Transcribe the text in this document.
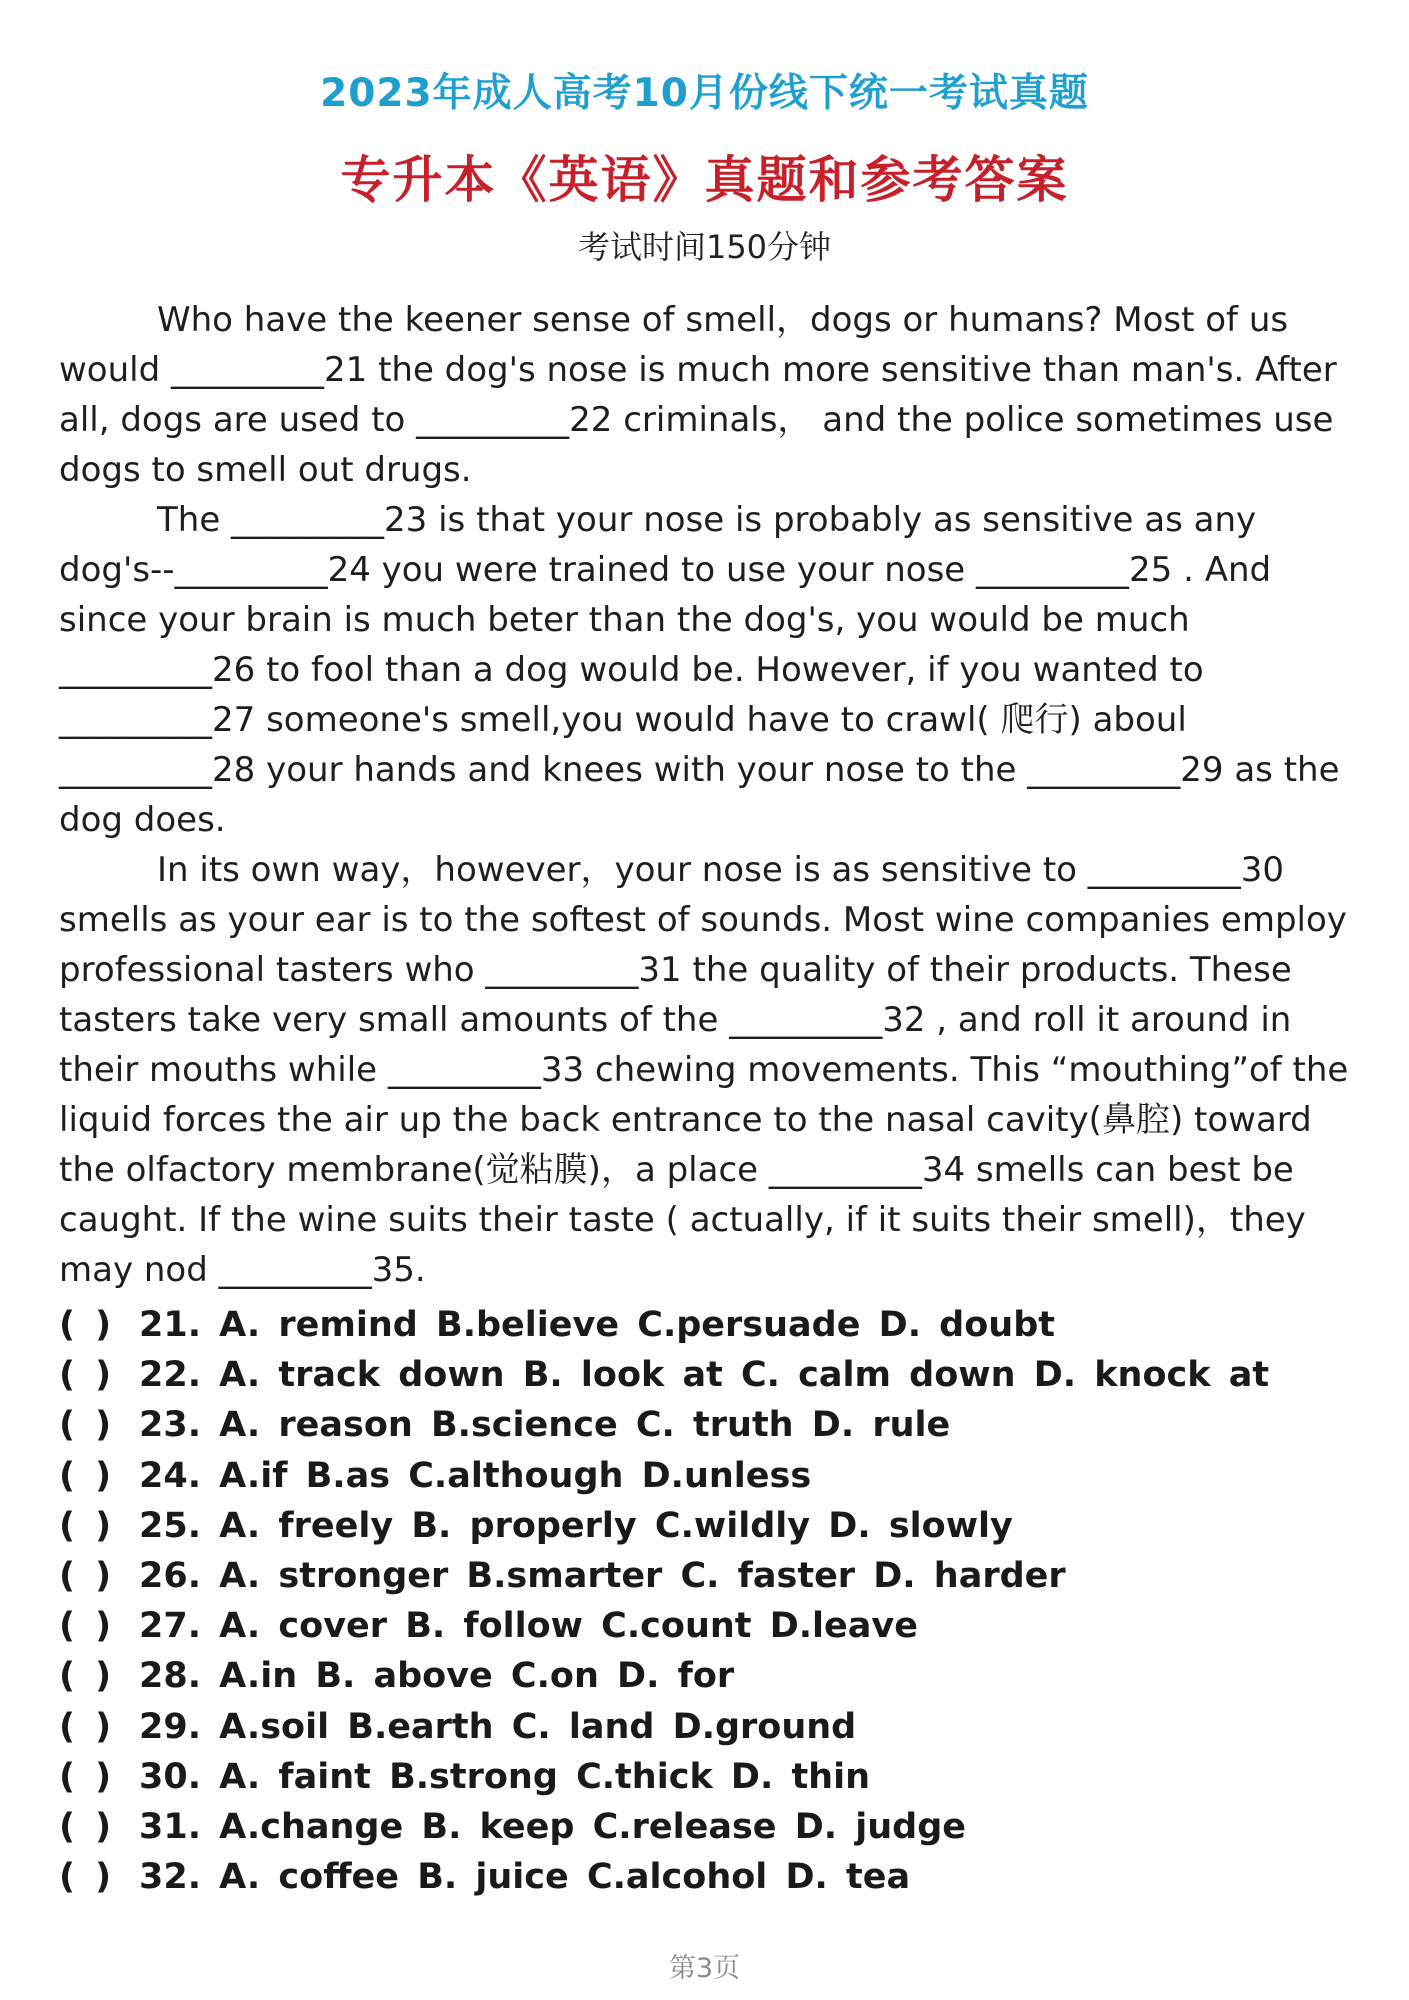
2023年成人高考10月份线下统一考试真题
专升本《英语》真题和参考答案
考试时间150分钟

Who have the keener sense of smell，dogs or humans? Most of us would _________21 the dog's nose is much more sensitive than man's. After all, dogs are used to _________22 criminals， and the police sometimes use dogs to smell out drugs.

The _________23 is that your nose is probably as sensitive as any dog's--_________24 you were trained to use your nose _________25 . And since your brain is much beter than the dog's, you would be much _________26 to fool than a dog would be. However, if you wanted to _________27 someone's smell,you would have to crawl( 爬行) aboul _________28 your hands and knees with your nose to the _________29 as the dog does.

In its own way，however，your nose is as sensitive to _________30 smells as your ear is to the softest of sounds. Most wine companies employ professional tasters who _________31 the quality of their products. These tasters take very small amounts of the _________32 , and roll it around in their mouths while _________33 chewing movements. This “mouthing”of the liquid forces the air up the back entrance to the nasal cavity(鼻腔) toward the olfactory membrane(觉粘膜)，a place _________34 smells can best be caught. If the wine suits their taste ( actually, if it suits their smell)，they may nod _________35.

( ) 21. A. remind B.believe C.persuade D. doubt
( ) 22. A. track down B. look at C. calm down D. knock at
( ) 23. A. reason B.science C. truth D. rule
( ) 24. A.if B.as C.although D.unless
( ) 25. A. freely B. properly C.wildly D. slowly
( ) 26. A. stronger B.smarter C. faster D. harder
( ) 27. A. cover B. follow C.count D.leave
( ) 28. A.in B. above C.on D. for
( ) 29. A.soil B.earth C. land D.ground
( ) 30. A. faint B.strong C.thick D. thin
( ) 31. A.change B. keep C.release D. judge
( ) 32. A. coffee B. juice C.alcohol D. tea
第3页
